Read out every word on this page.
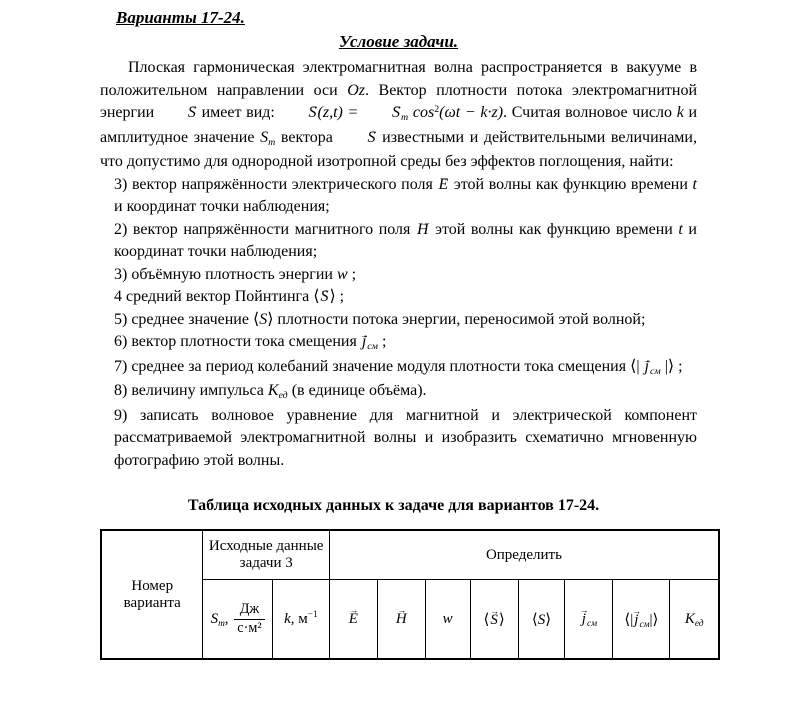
Варианты 17-24.
Условие задачи.

Плоская гармоническая электромагнитная волна распространяется в вакууме в положительном направлении оси Oz. Вектор плотности потока электромагнитной энергии S → имеет вид: $S \to(z,t) = S \to_m$ $\cos^2(\omega t - k\cdot z)$. Считая волновое число k и амплитудное значение $S_m$ вектора S → известными и действительными величинами, что допустимо для однородной изотропной среды без эффектов поглощения, найти:

3) вектор напряжённости электрического поля E → этой волны как функцию времени t и координат точки наблюдения;

2) вектор напряжённости магнитного поля H → этой волны как функцию времени t и координат точки наблюдения;

3) объёмную плотность энергии w ;

4 средний вектор Пойнтинга ⟨S →⟩ ;

5) среднее значение ⟨S⟩ плотности потока энергии, переносимой этой волной;

6) вектор плотности тока смещения $j \to_{см}$ ;

7) среднее за период колебаний значение модуля плотности тока смещения ⟨| $j \to_{см}$ |⟩ ;

8) величину импульса $K_{ед}$ (в единице объёма).

9) записать волновое уравнение для магнитной и электрической компонент рассматриваемой электромагнитной волны и изобразить схематично мгновенную фотографию этой волны.

Таблица исходных данных к задаче для вариантов 17-24.

Номер варианта	Исходные данные задачи 3		Определить							
	$S_m$, $\frac{Дж}{\text{с·м²}}$	k, $м^{-1}$	E →	H →	w	⟨S →⟩	⟨S⟩	$j \to_{см}$	⟨|j $\to_{см}|⟩$	$K_{ед}$
